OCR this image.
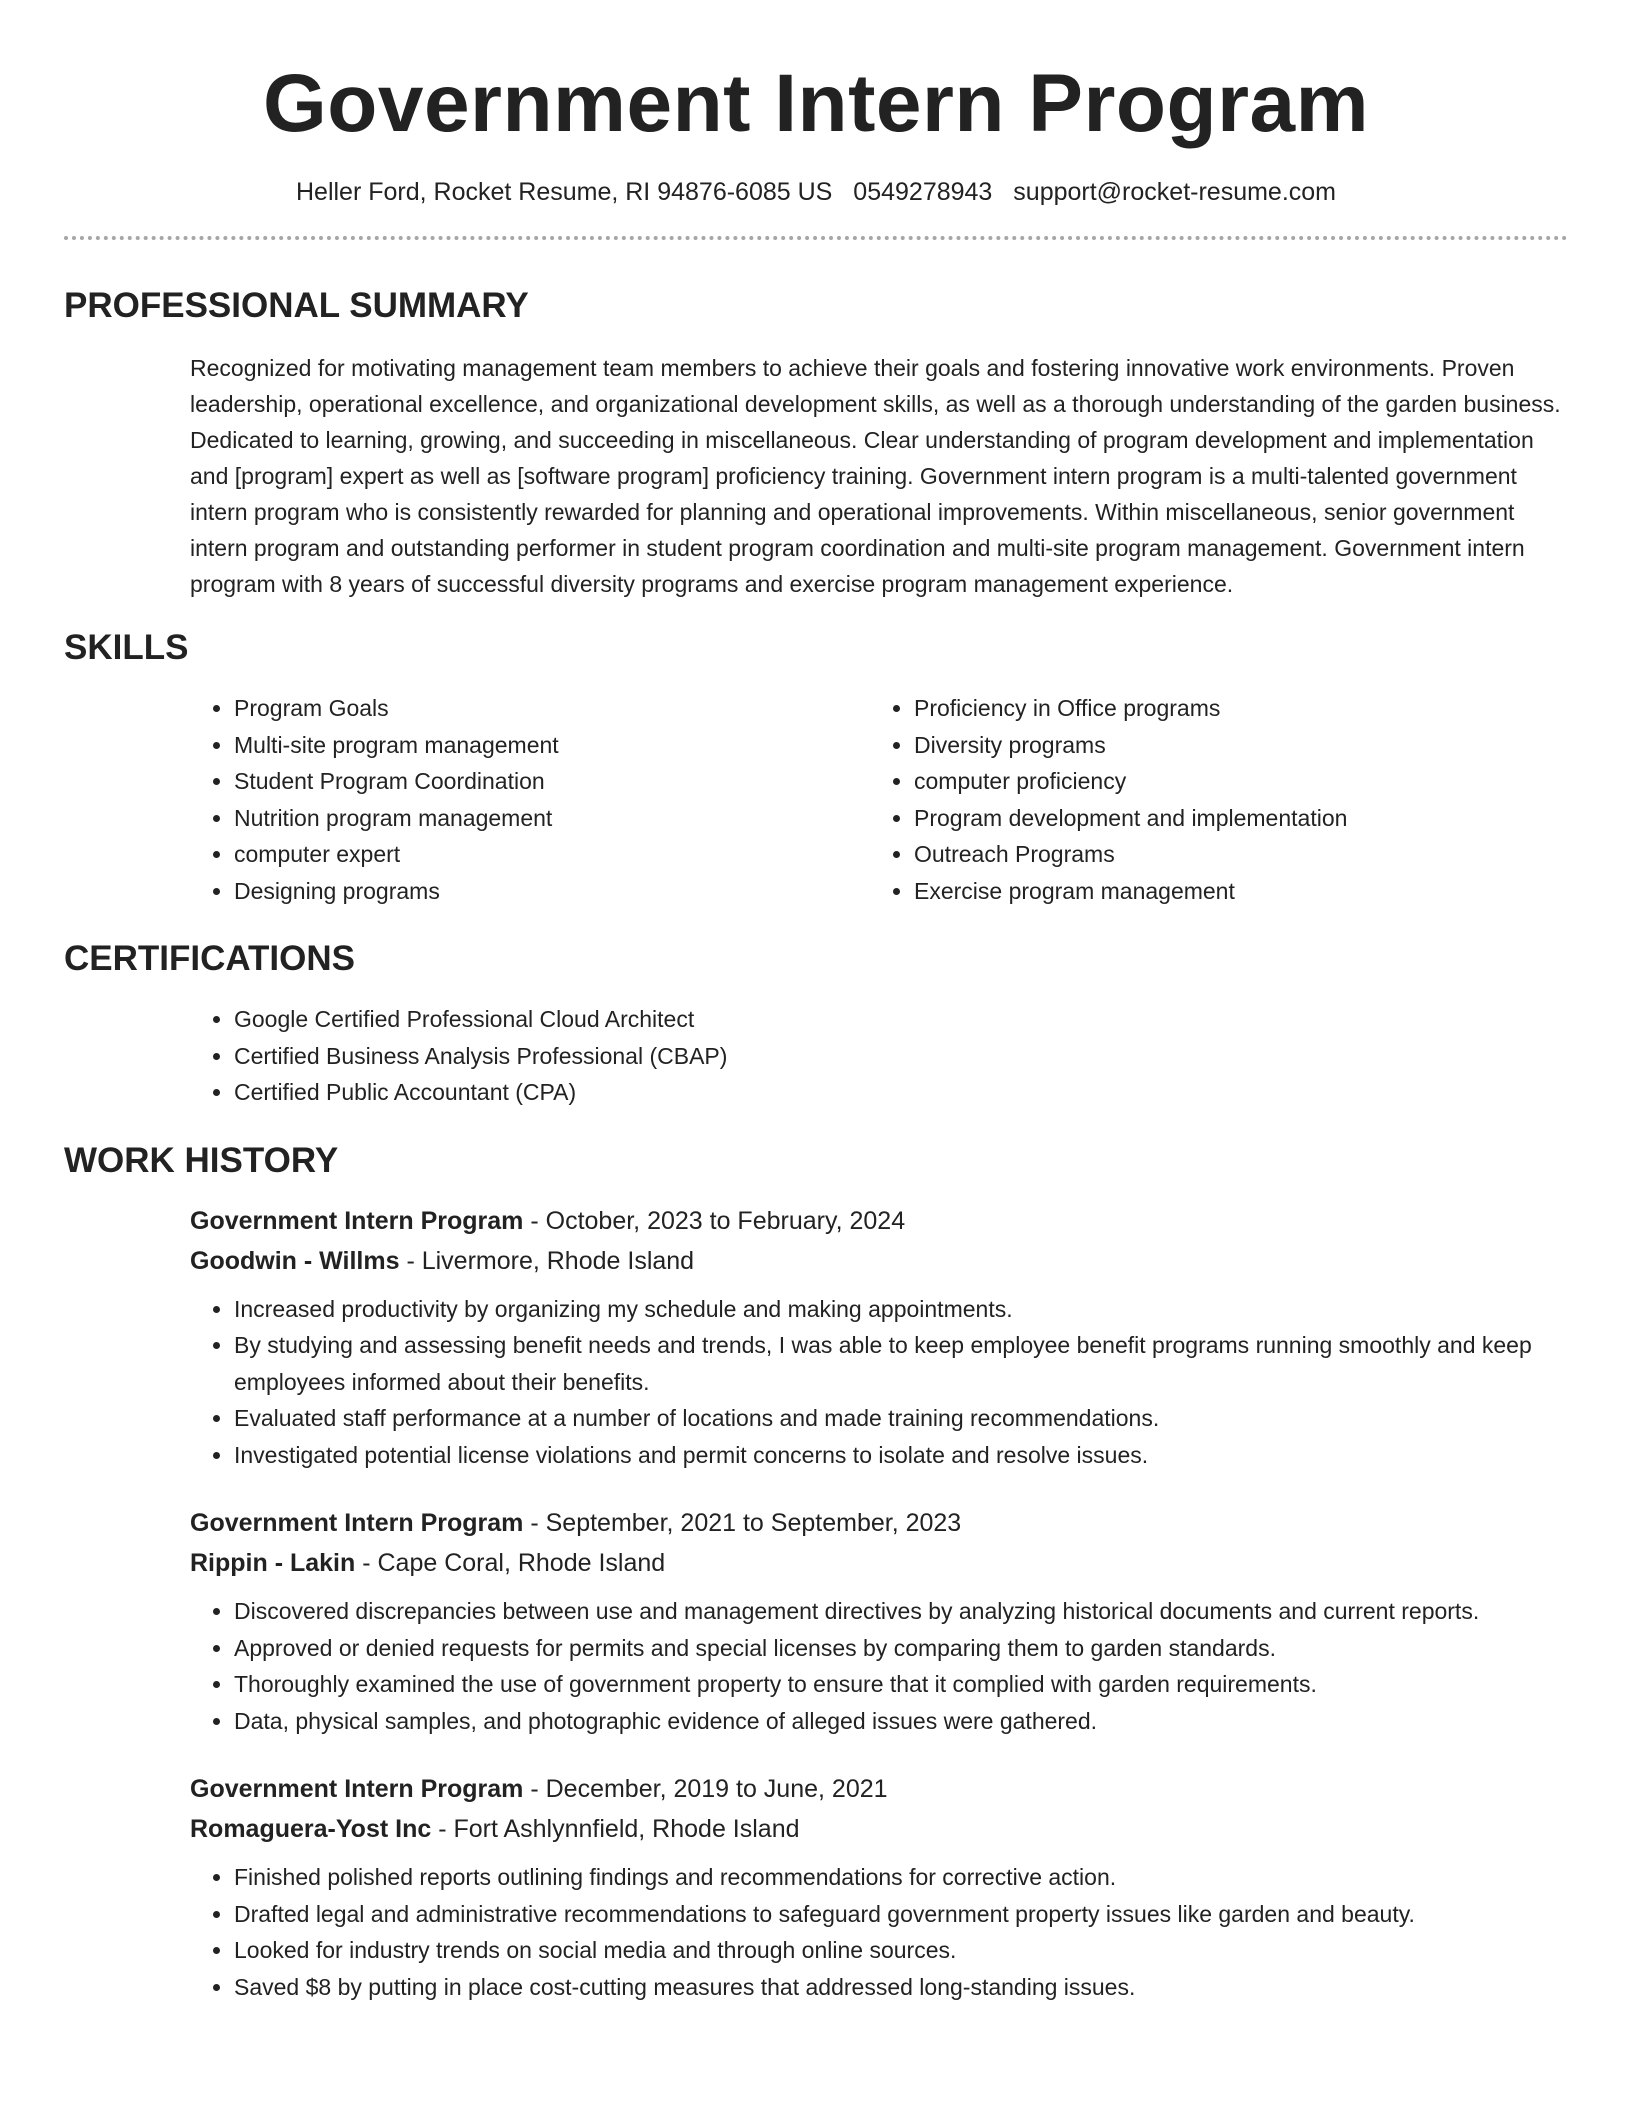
Government Intern Program
Heller Ford, Rocket Resume, RI 94876-6085 US 0549278943 support@rocket-resume.com
PROFESSIONAL SUMMARY

Recognized for motivating management team members to achieve their goals and fostering innovative work environments. Proven leadership, operational excellence, and organizational development skills, as well as a thorough understanding of the garden business. Dedicated to learning, growing, and succeeding in miscellaneous. Clear understanding of program development and implementation and [program] expert as well as [software program] proficiency training. Government intern program is a multi-talented government intern program who is consistently rewarded for planning and operational improvements. Within miscellaneous, senior government intern program and outstanding performer in student program coordination and multi-site program management. Government intern program with 8 years of successful diversity programs and exercise program management experience.

SKILLS
• Program Goals
• Multi-site program management
• Student Program Coordination
• Nutrition program management
• computer expert
• Designing programs
• Proficiency in Office programs
• Diversity programs
• computer proficiency
• Program development and implementation
• Outreach Programs
• Exercise program management
CERTIFICATIONS
• Google Certified Professional Cloud Architect
• Certified Business Analysis Professional (CBAP)
• Certified Public Accountant (CPA)
WORK HISTORY
Government Intern Program - October, 2023 to February, 2024
Goodwin - Willms - Livermore, Rhode Island
• Increased productivity by organizing my schedule and making appointments.
• By studying and assessing benefit needs and trends, I was able to keep employee benefit programs running smoothly and keep employees informed about their benefits.
• Evaluated staff performance at a number of locations and made training recommendations.
• Investigated potential license violations and permit concerns to isolate and resolve issues.
Government Intern Program - September, 2021 to September, 2023
Rippin - Lakin - Cape Coral, Rhode Island
• Discovered discrepancies between use and management directives by analyzing historical documents and current reports.
• Approved or denied requests for permits and special licenses by comparing them to garden standards.
• Thoroughly examined the use of government property to ensure that it complied with garden requirements.
• Data, physical samples, and photographic evidence of alleged issues were gathered.
Government Intern Program - December, 2019 to June, 2021
Romaguera-Yost Inc - Fort Ashlynnfield, Rhode Island
• Finished polished reports outlining findings and recommendations for corrective action.
• Drafted legal and administrative recommendations to safeguard government property issues like garden and beauty.
• Looked for industry trends on social media and through online sources.
• Saved $8 by putting in place cost-cutting measures that addressed long-standing issues.
